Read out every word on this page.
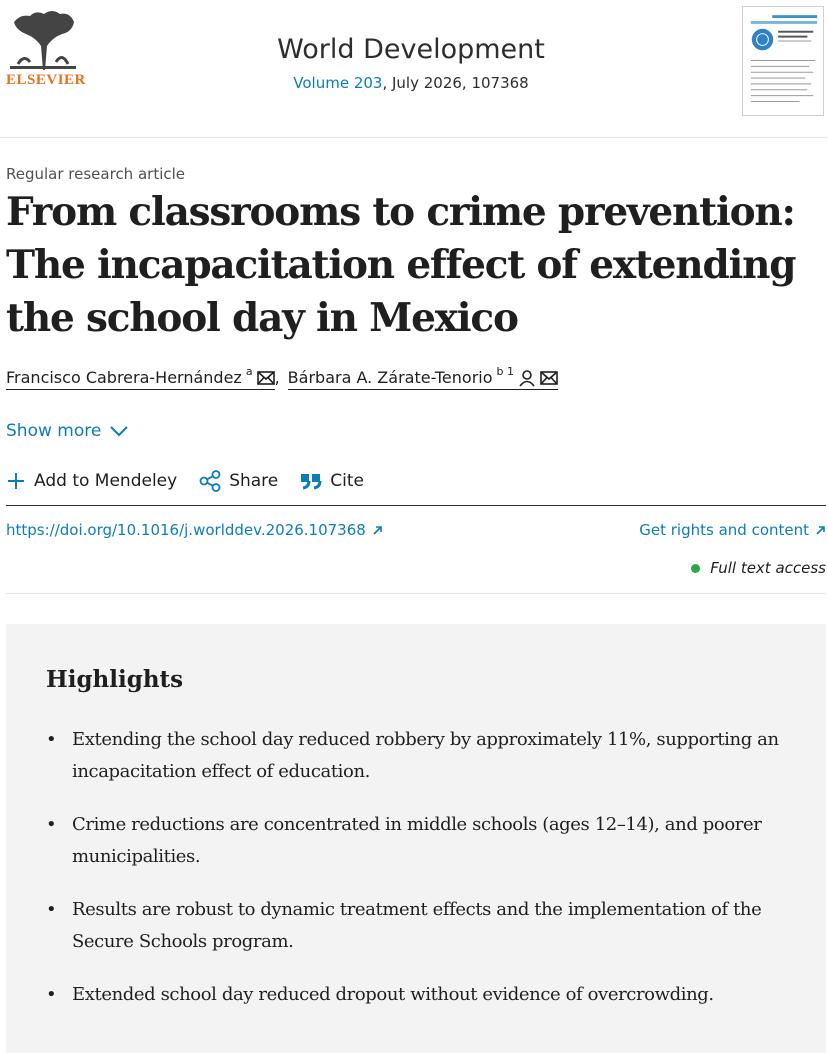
ELSEVIER
World Development
Volume 203, July 2026, 107368
Regular research article
From classrooms to crime prevention: The incapacitation effect of extending the school day in Mexico
Francisco Cabrera-Hernández a , Bárbara A. Zárate-Tenorio b 1
Show more
Add to Mendeley	Share	Cite
https://doi.org/10.1016/j.worlddev.2026.107368	Get rights and content
Full text access
Highlights
• Extending the school day reduced robbery by approximately 11%, supporting an incapacitation effect of education.
• Crime reductions are concentrated in middle schools (ages 12–14), and poorer municipalities.
• Results are robust to dynamic treatment effects and the implementation of the Secure Schools program.
• Extended school day reduced dropout without evidence of overcrowding.
